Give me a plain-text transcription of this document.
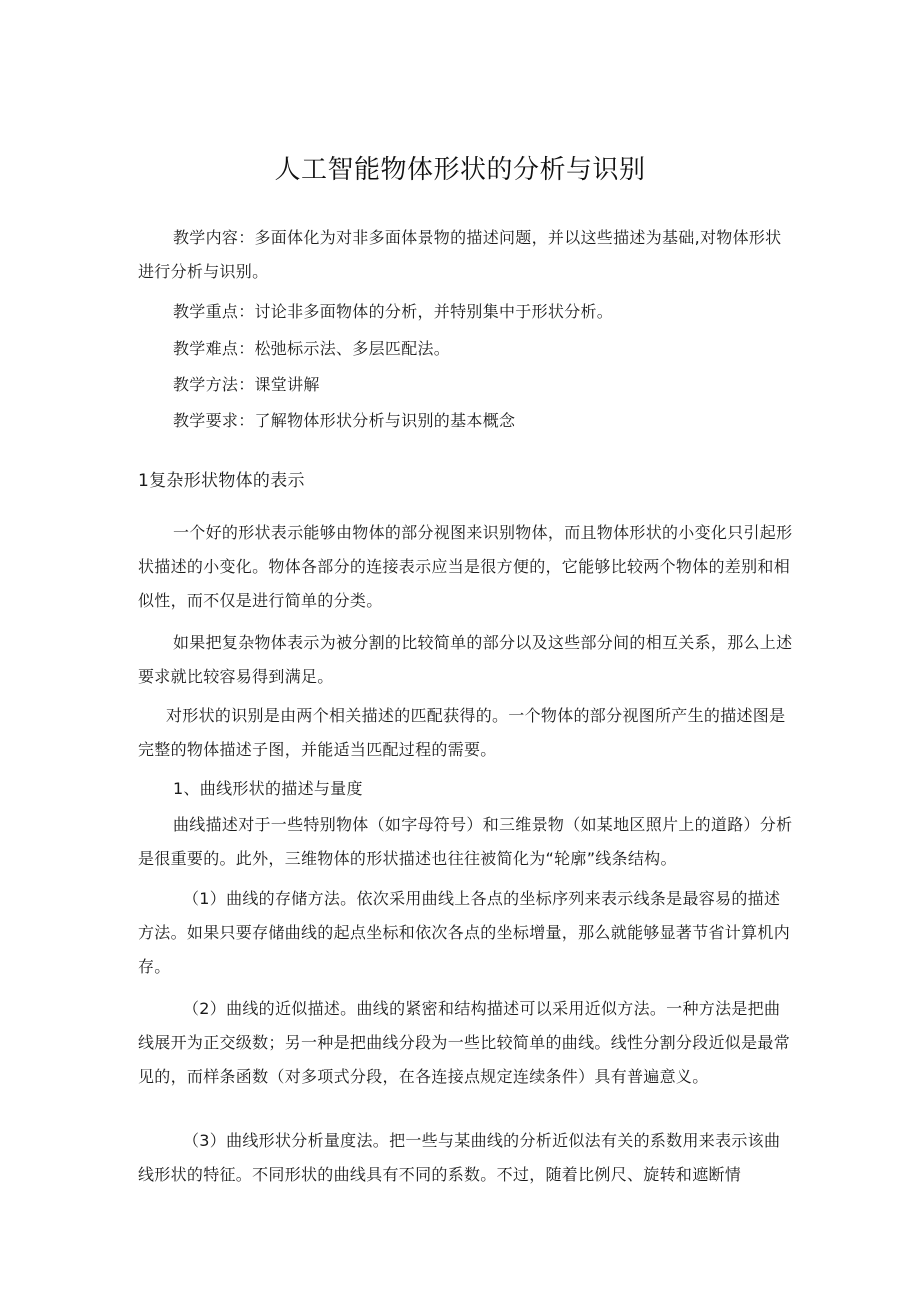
人工智能物体形状的分析与识别

教学内容：多面体化为对非多面体景物的描述问题，并以这些描述为基础,对物体形状进行分析与识别。

教学重点：讨论非多面物体的分析，并特别集中于形状分析。

教学难点：松弛标示法、多层匹配法。

教学方法：课堂讲解

教学要求：了解物体形状分析与识别的基本概念

1复杂形状物体的表示

一个好的形状表示能够由物体的部分视图来识别物体，而且物体形状的小变化只引起形状描述的小变化。物体各部分的连接表示应当是很方便的，它能够比较两个物体的差别和相似性，而不仅是进行简单的分类。

如果把复杂物体表示为被分割的比较简单的部分以及这些部分间的相互关系，那么上述要求就比较容易得到满足。

对形状的识别是由两个相关描述的匹配获得的。一个物体的部分视图所产生的描述图是完整的物体描述子图，并能适当匹配过程的需要。

1、曲线形状的描述与量度

曲线描述对于一些特别物体（如字母符号）和三维景物（如某地区照片上的道路）分析是很重要的。此外，三维物体的形状描述也往往被简化为“轮廓”线条结构。

（1）曲线的存储方法。依次采用曲线上各点的坐标序列来表示线条是最容易的描述方法。如果只要存储曲线的起点坐标和依次各点的坐标增量，那么就能够显著节省计算机内存。

（2）曲线的近似描述。曲线的紧密和结构描述可以采用近似方法。一种方法是把曲线展开为正交级数；另一种是把曲线分段为一些比较简单的曲线。线性分割分段近似是最常见的，而样条函数（对多项式分段，在各连接点规定连续条件）具有普遍意义。

（3）曲线形状分析量度法。把一些与某曲线的分析近似法有关的系数用来表示该曲线形状的特征。不同形状的曲线具有不同的系数。不过，随着比例尺、旋转和遮断情
